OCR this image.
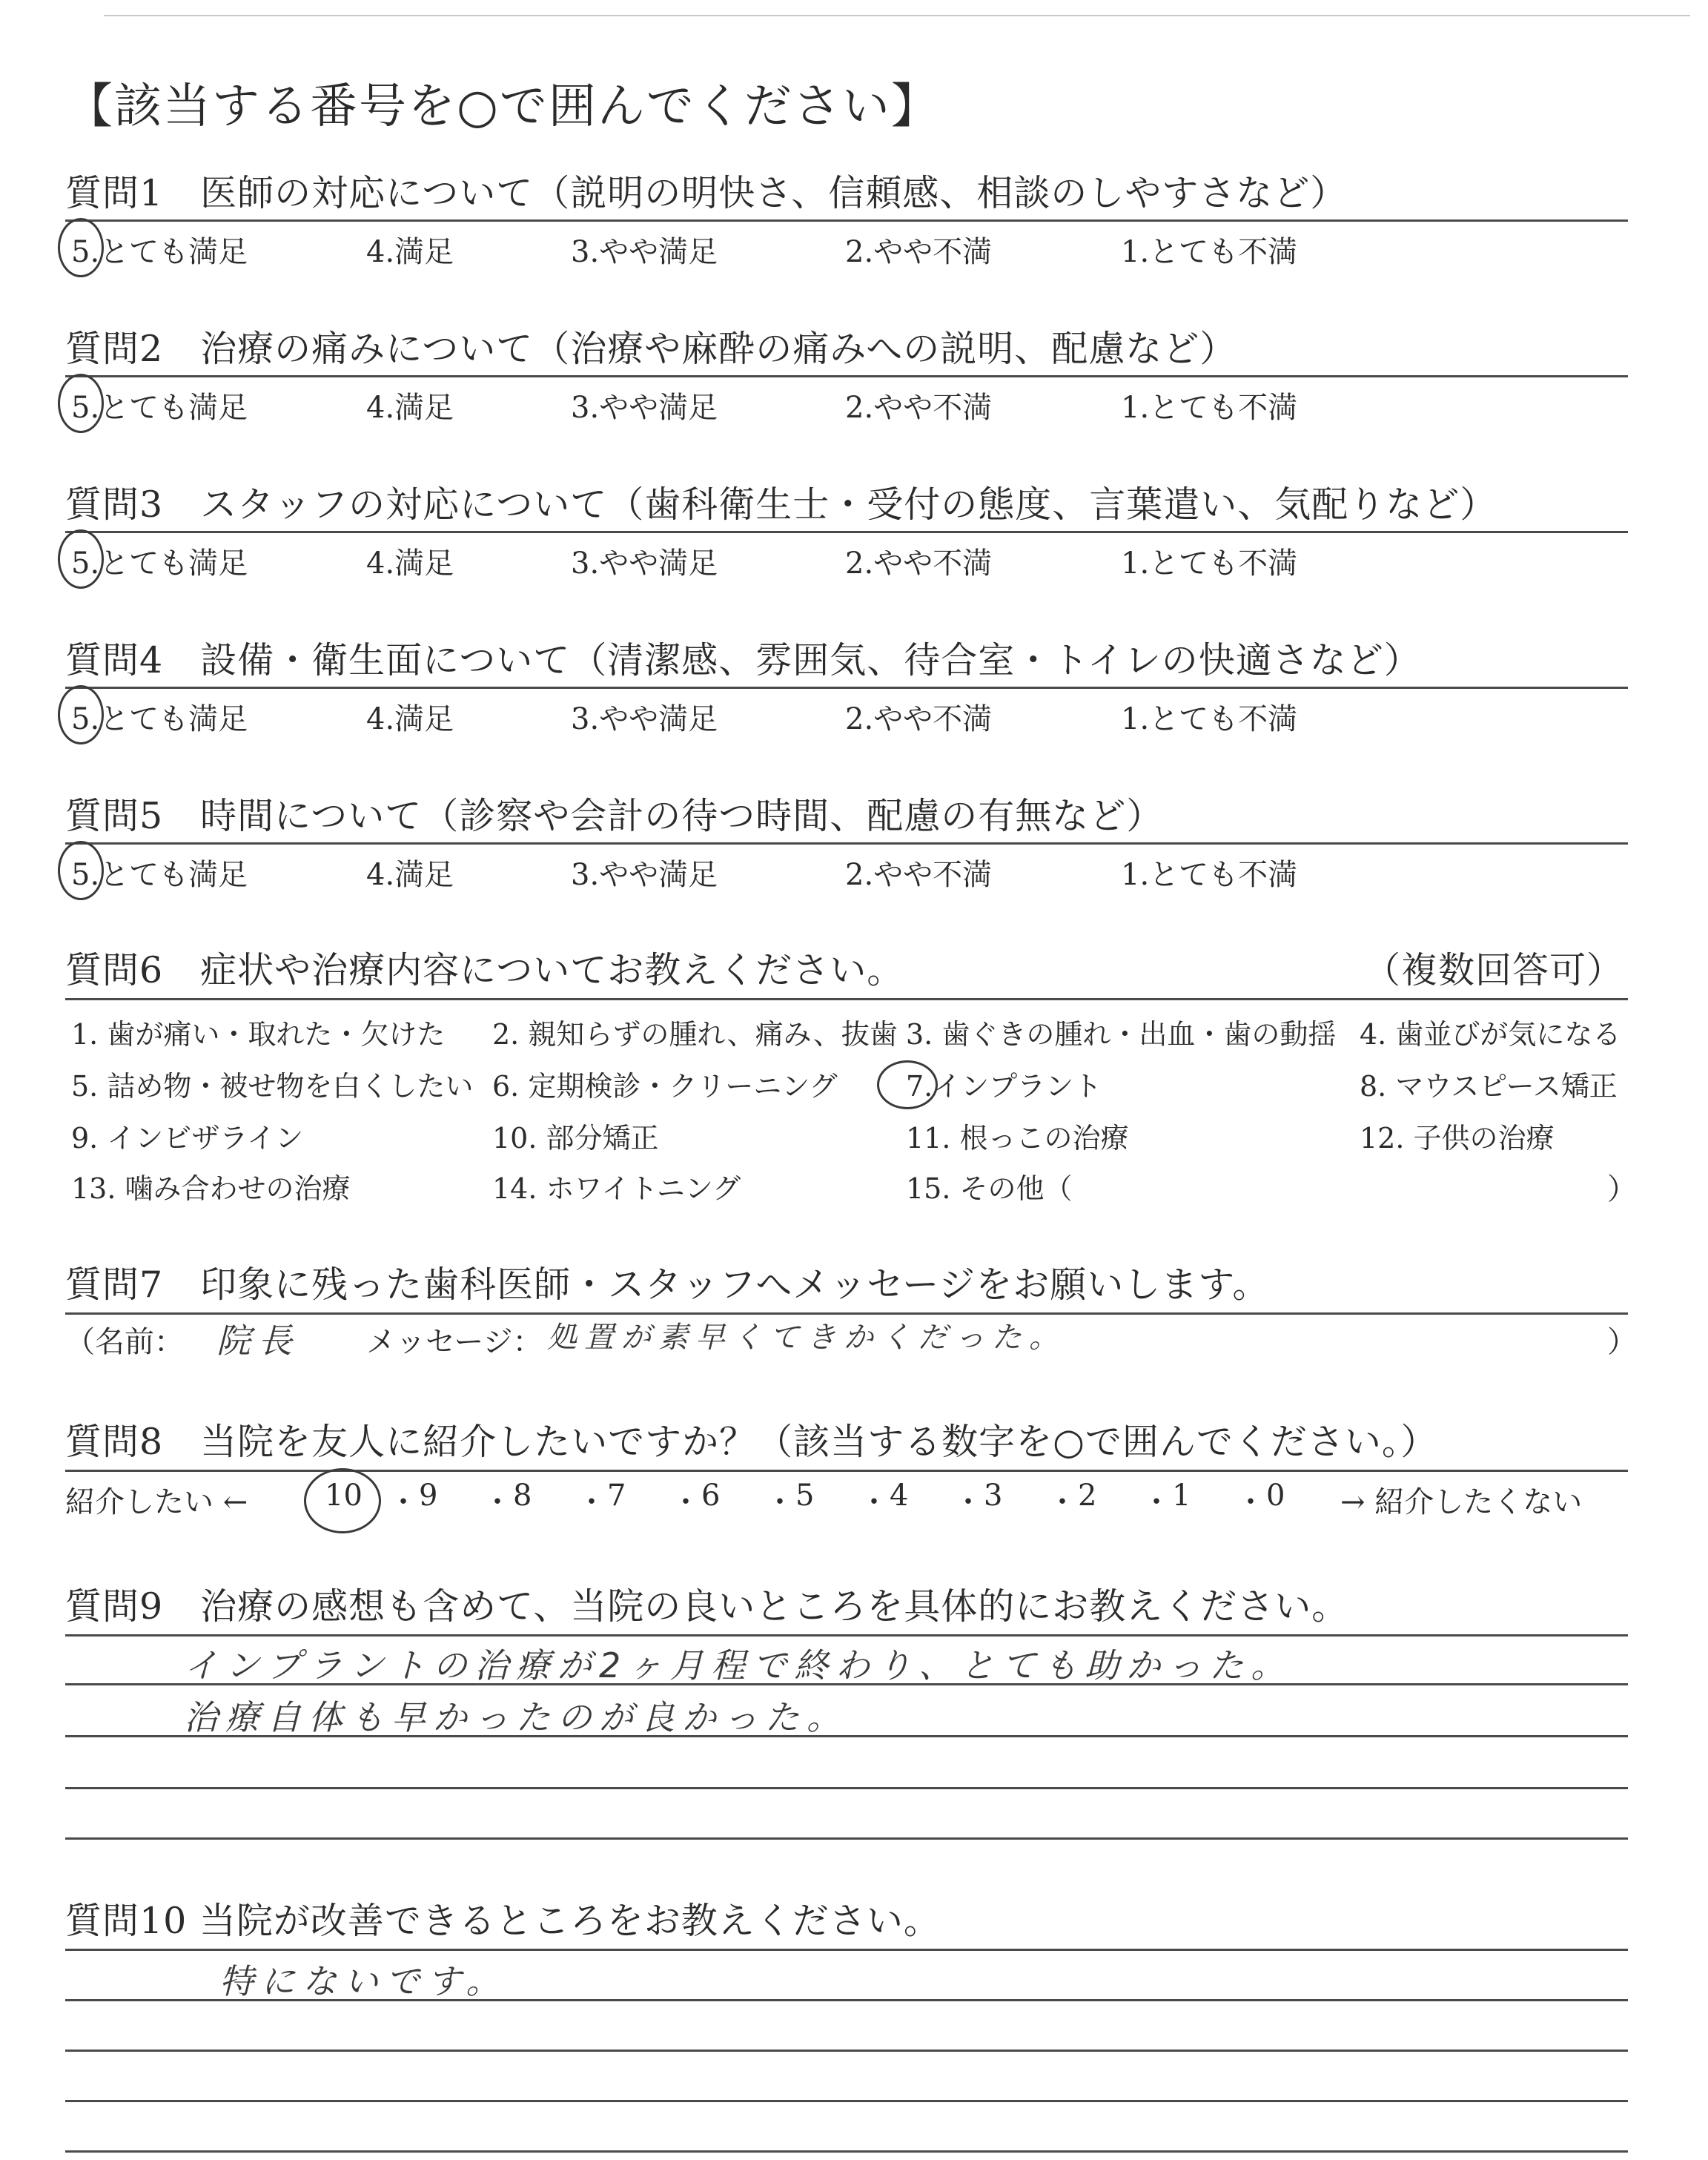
【該当する番号を○で囲んでください】
質問1　医師の対応について（説明の明快さ、信頼感、相談のしやすさなど）
5.とても満足	4.満足	3.やや満足	2.やや不満	1.とても不満
質問2　治療の痛みについて（治療や麻酔の痛みへの説明、配慮など）
5.とても満足	4.満足	3.やや満足	2.やや不満	1.とても不満
質問3　スタッフの対応について（歯科衛生士・受付の態度、言葉遣い、気配りなど）
5.とても満足	4.満足	3.やや満足	2.やや不満	1.とても不満
質問4　設備・衛生面について（清潔感、雰囲気、待合室・トイレの快適さなど）
5.とても満足	4.満足	3.やや満足	2.やや不満	1.とても不満
質問5　時間について（診察や会計の待つ時間、配慮の有無など）
5.とても満足	4.満足	3.やや満足	2.やや不満	1.とても不満
質問6　症状や治療内容についてお教えください。	（複数回答可）
1. 歯が痛い・取れた・欠けた 2. 親知らずの腫れ、痛み、抜歯 3. 歯ぐきの腫れ・出血・歯の動揺 4. 歯並びが気になる
5. 詰め物・被せ物を白くしたい 6. 定期検診・クリーニング 7.インプラント	8. マウスピース矯正
9. インビザライン	10. 部分矯正	11. 根っこの治療	12. 子供の治療
13. 噛み合わせの治療	14. ホワイトニング	15. その他（	）
質問7　印象に残った歯科医師・スタッフへメッセージをお願いします。
（名前： 院長 メッセージ： 処置が素早くてきかくだった。	）
質問8　当院を友人に紹介したいですか？（該当する数字を○で囲んでください。）
紹介したい ←	10 ・ 9 ・ 8 ・ 7 ・ 6 ・ 5 ・ 4 ・ 3 ・ 2 ・ 1 ・ 0 → 紹介したくない
質問9　治療の感想も含めて、当院の良いところを具体的にお教えください。
インプラントの治療が2ヶ月程で終わり、とても助かった。
治療自体も早かったのが良かった。
質問10 当院が改善できるところをお教えください。
特にないです。
